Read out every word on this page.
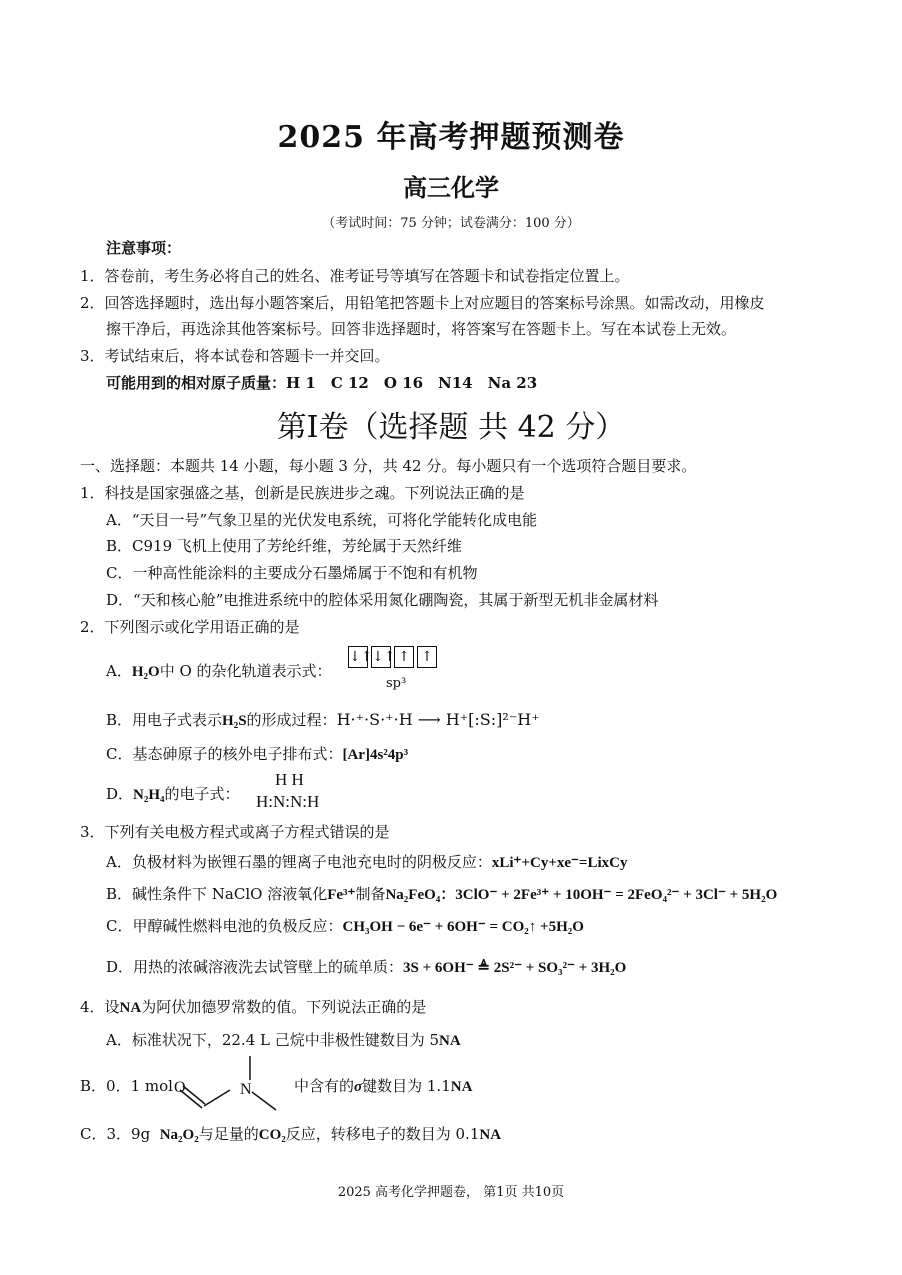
2025 年高考押题预测卷
高三化学
（考试时间：75 分钟；试卷满分：100 分）
注意事项：
1．答卷前，考生务必将自己的姓名、准考证号等填写在答题卡和试卷指定位置上。
2．回答选择题时，选出每小题答案后，用铅笔把答题卡上对应题目的答案标号涂黑。如需改动，用橡皮
擦干净后，再选涂其他答案标号。回答非选择题时，将答案写在答题卡上。写在本试卷上无效。
3．考试结束后，将本试卷和答题卡一并交回。
可能用到的相对原子质量：H 1　C 12　O 16　N14　Na 23
第I卷（选择题 共 42 分）
一、选择题：本题共 14 小题，每小题 3 分，共 42 分。每小题只有一个选项符合题目要求。
1．科技是国家强盛之基，创新是民族进步之魂。下列说法正确的是
A．“天目一号”气象卫星的光伏发电系统，可将化学能转化成电能
B．C919 飞机上使用了芳纶纤维，芳纶属于天然纤维
C．一种高性能涂料的主要成分石墨烯属于不饱和有机物
D．“天和核心舱”电推进系统中的腔体采用氮化硼陶瓷，其属于新型无机非金属材料
2．下列图示或化学用语正确的是
A．H₂O中 O 的杂化轨道表示式：
↓↑↓↑ ↑ ↑
sp³
B．用电子式表示H₂S的形成过程：H·⁺·S·⁺·H ⟶ H⁺[:S:]²⁻H⁺
C．基态砷原子的核外电子排布式：[Ar]4s²4p³
D．N₂H₄的电子式：
H H
H:N:N:H
3．下列有关电极方程式或离子方程式错误的是
A．负极材料为嵌锂石墨的锂离子电池充电时的阴极反应：xLi⁺+Cy+xe⁻=LixCy
B．碱性条件下 NaClO 溶液氧化Fe³⁺制备Na₂FeO₄：3ClO⁻ + 2Fe³⁺ + 10OH⁻ = 2FeO₄²⁻ + 3Cl⁻ + 5H₂O
C．甲醇碱性燃料电池的负极反应：CH₃OH − 6e⁻ + 6OH⁻ = CO₂↑ +5H₂O
D．用热的浓碱溶液洗去试管壁上的硫单质：3S + 6OH⁻ ≜ 2S²⁻ + SO₃²⁻ + 3H₂O
4．设NA为阿伏加德罗常数的值。下列说法正确的是
A．标准状况下，22.4 L 己烷中非极性键数目为 5NA
B．0．1 mol O	N	中含有的σ键数目为 1.1NA
C．3．9g Na₂O₂与足量的CO₂反应，转移电子的数目为 0.1NA
2025 高考化学押题卷， 第1页 共10页
